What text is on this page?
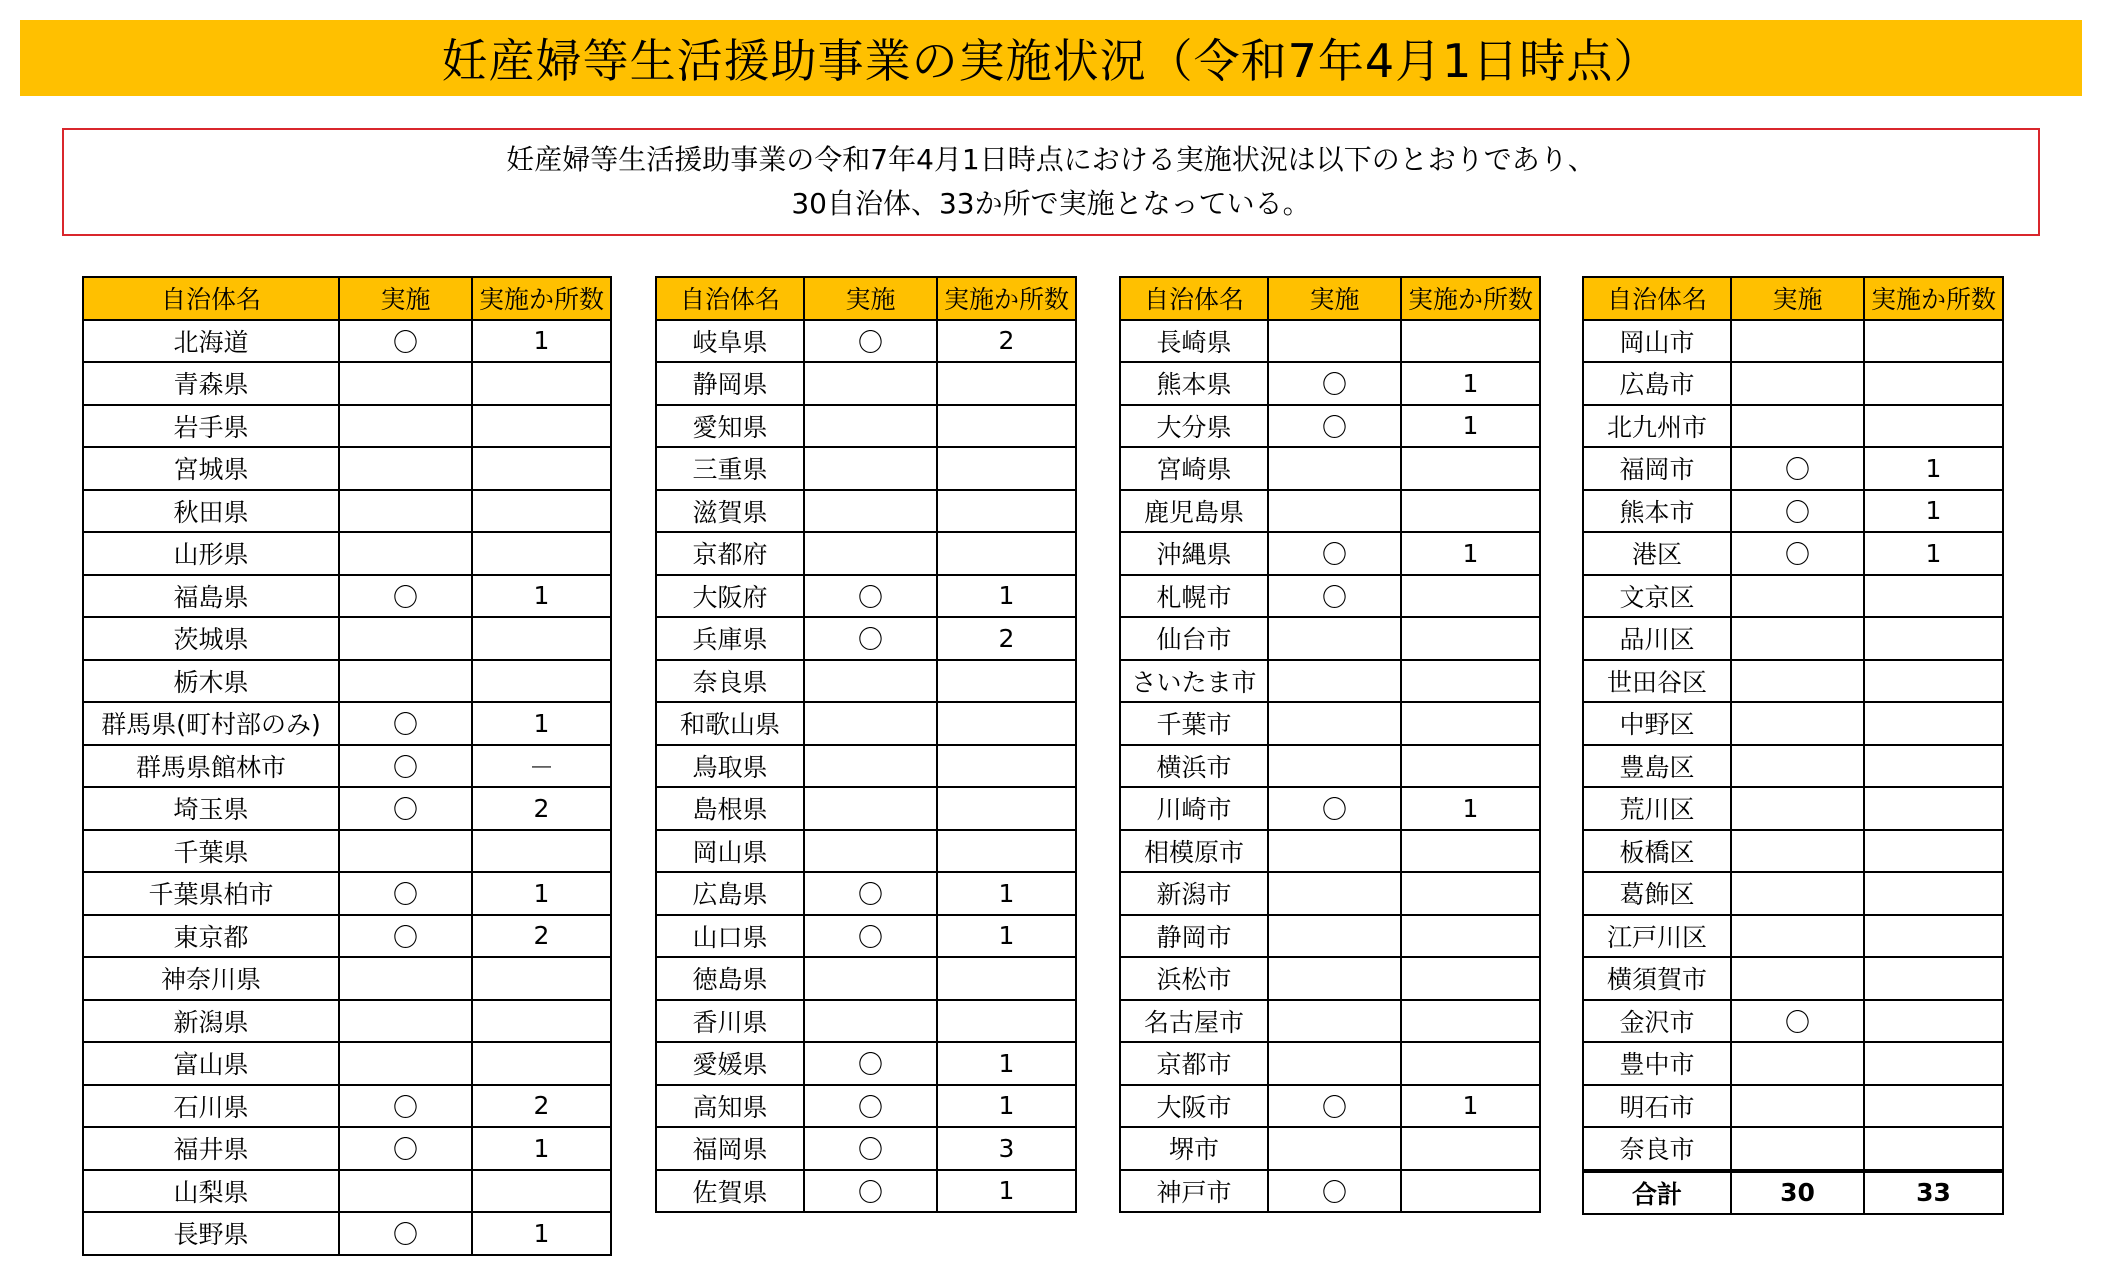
妊産婦等生活援助事業の実施状況（令和7年4月1日時点）
妊産婦等生活援助事業の令和7年4月1日時点における実施状況は以下のとおりであり、
30自治体、33か所で実施となっている。
自治体名	実施	実施か所数
北海道	〇	1
青森県		
岩手県		
宮城県		
秋田県		
山形県		
福島県	〇	1
茨城県		
栃木県		
群馬県(町村部のみ)	〇	1
群馬県館林市	〇	－
埼玉県	〇	2
千葉県		
千葉県柏市	〇	1
東京都	〇	2
神奈川県		
新潟県		
富山県		
石川県	〇	2
福井県	〇	1
山梨県		
長野県	〇	1
自治体名	実施	実施か所数
岐阜県	〇	2
静岡県		
愛知県		
三重県		
滋賀県		
京都府		
大阪府	〇	1
兵庫県	〇	2
奈良県		
和歌山県		
鳥取県		
島根県		
岡山県		
広島県	〇	1
山口県	〇	1
徳島県		
香川県		
愛媛県	〇	1
高知県	〇	1
福岡県	〇	3
佐賀県	〇	1
自治体名	実施	実施か所数
長崎県		
熊本県	〇	1
大分県	〇	1
宮崎県		
鹿児島県		
沖縄県	〇	1
札幌市	〇	
仙台市		
さいたま市		
千葉市		
横浜市		
川崎市	〇	1
相模原市		
新潟市		
静岡市		
浜松市		
名古屋市		
京都市		
大阪市	〇	1
堺市		
神戸市	〇	
自治体名	実施	実施か所数
岡山市		
広島市		
北九州市		
福岡市	〇	1
熊本市	〇	1
港区	〇	1
文京区		
品川区		
世田谷区		
中野区		
豊島区		
荒川区		
板橋区		
葛飾区		
江戸川区		
横須賀市		
金沢市	〇	
豊中市		
明石市		
奈良市		
合計	30	33
